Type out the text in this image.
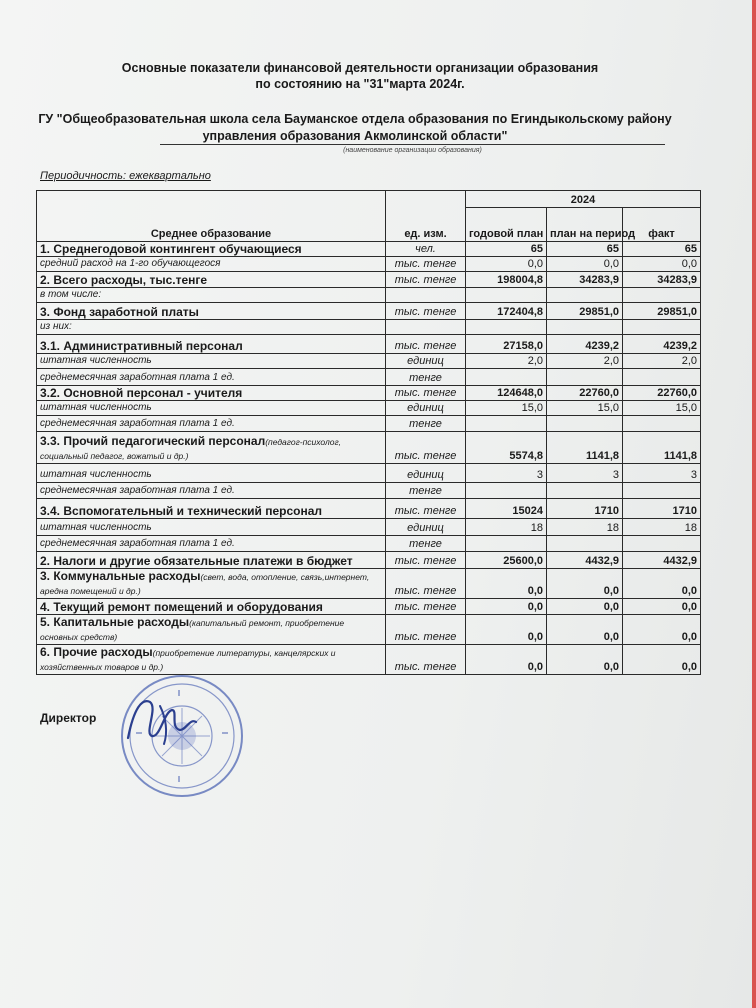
Основные показатели финансовой деятельности организации образования
по состоянию на "31"марта 2024г.
ГУ "Общеобразовательная школа села Бауманское отдела образования по Егиндыкольскому району
управления образования Акмолинской области"
(наименование организации образования)
Периодичность: ежеквартально
Среднее образование	ед. изм.	2024		
		годовой план	план на период	факт
1. Среднегодовой контингент обучающиеся	чел.	65	65	65
средний расход на 1-го обучающегося	тыс. тенге	0,0	0,0	0,0
2. Всего расходы, тыс.тенге	тыс. тенге	198004,8	34283,9	34283,9
в том числе:				
3. Фонд заработной платы	тыс. тенге	172404,8	29851,0	29851,0
из них:				
3.1. Административный персонал	тыс. тенге	27158,0	4239,2	4239,2
штатная численность	единиц	2,0	2,0	2,0
среднемесячная заработная плата 1 ед.	тенге			
3.2. Основной персонал - учителя	тыс. тенге	124648,0	22760,0	22760,0
штатная численность	единиц	15,0	15,0	15,0
среднемесячная заработная плата 1 ед.	тенге			
3.3. Прочий педагогический персонал(педагог-психолог, социальный педагог, вожатый и др.)	тыс. тенге	5574,8	1141,8	1141,8
штатная численность	единиц	3	3	3
среднемесячная заработная плата 1 ед.	тенге			
3.4. Вспомогательный и технический персонал	тыс. тенге	15024	1710	1710
штатная численность	единиц	18	18	18
среднемесячная заработная плата 1 ед.	тенге			
2. Налоги и другие обязательные платежи в бюджет	тыс. тенге	25600,0	4432,9	4432,9
3. Коммунальные расходы(свет, вода, отопление, связь,интернет, аредна помещений и др.)	тыс. тенге	0,0	0,0	0,0
4. Текущий ремонт помещений и оборудования	тыс. тенге	0,0	0,0	0,0
5. Капитальные расходы(капитальный ремонт, приобретение основных средств)	тыс. тенге	0,0	0,0	0,0
6. Прочие расходы(приобретение литературы, канцелярских и хозяйственных товаров и др.)	тыс. тенге	0,0	0,0	0,0
Директор
